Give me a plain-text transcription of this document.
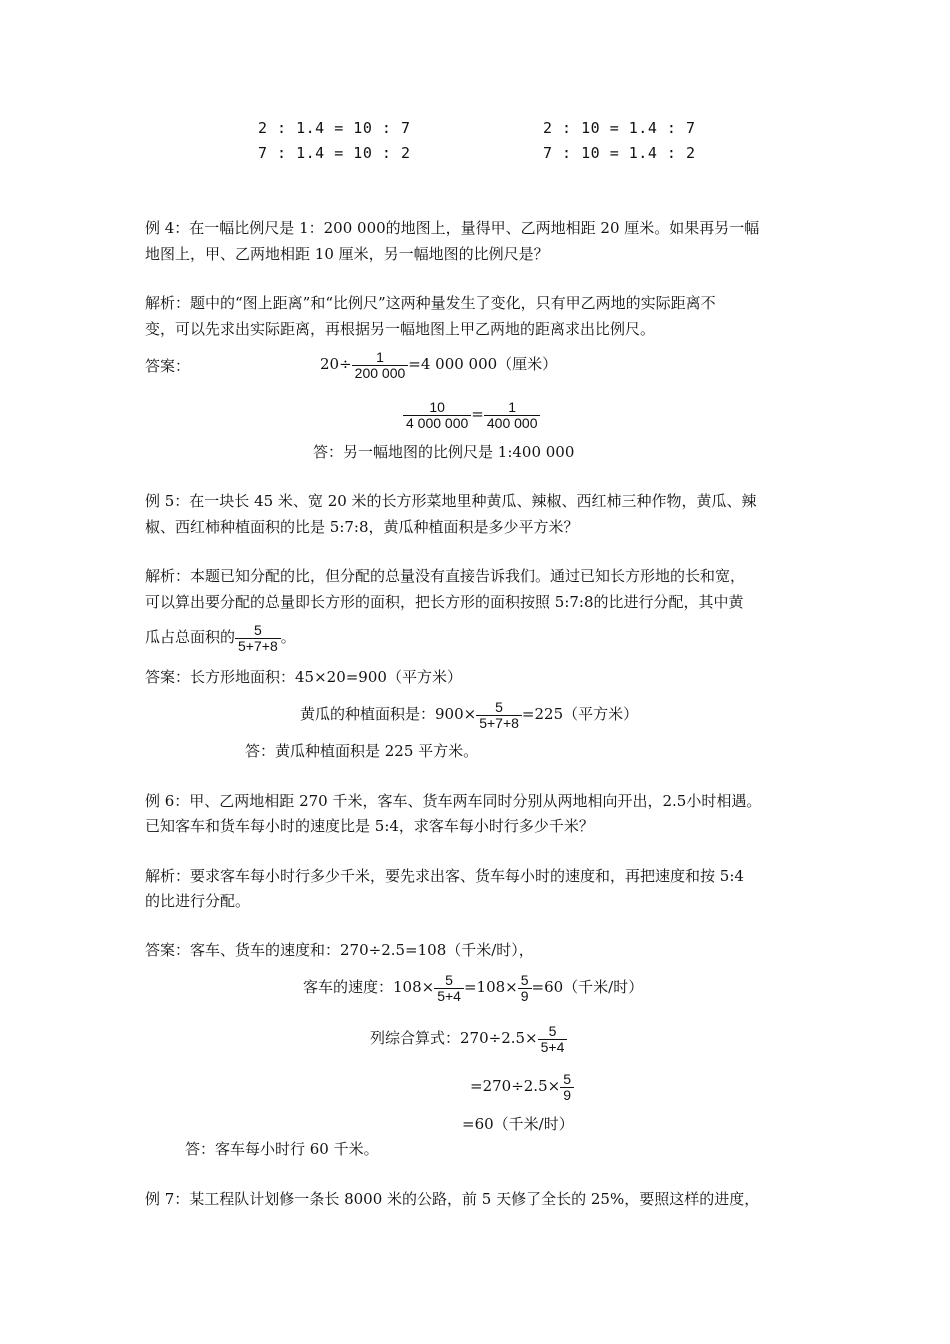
2 : 1.4 = 10 : 7
7 : 1.4 = 10 : 2
2 : 10 = 1.4 : 7
7 : 10 = 1.4 : 2
例 4：在一幅比例尺是 1：200 000的地图上，量得甲、乙两地相距 20 厘米。如果再另一幅
地图上，甲、乙两地相距 10 厘米，另一幅地图的比例尺是？
解析：题中的“图上距离”和“比例尺”这两种量发生了变化，只有甲乙两地的实际距离不
变，可以先求出实际距离，再根据另一幅地图上甲乙两地的距离求出比例尺。
答案：	$20\div \frac{1}{200 000} =4$ 000 000（厘米）
$\frac{10}{4 000 000} = \frac{1}{400 000}$
答：另一幅地图的比例尺是 1:400 000
例 5：在一块长 45 米、宽 20 米的长方形菜地里种黄瓜、辣椒、西红柿三种作物，黄瓜、辣
椒、西红柿种植面积的比是 5:7:8，黄瓜种植面积是多少平方米？
解析：本题已知分配的比，但分配的总量没有直接告诉我们。通过已知长方形地的长和宽，
可以算出要分配的总量即长方形的面积，把长方形的面积按照 5:7:8的比进行分配，其中黄
瓜占总面积的 $\frac{5}{5+7+8}$ 。
答案：长方形地面积：45×20=900（平方米）
黄瓜的种植面积是：$900\times \frac{5}{5+7+8} =225$（平方米）
答：黄瓜种植面积是 225 平方米。
例 6：甲、乙两地相距 270 千米，客车、货车两车同时分别从两地相向开出，2.5小时相遇。
已知客车和货车每小时的速度比是 5:4，求客车每小时行多少千米？
解析：要求客车每小时行多少千米，要先求出客、货车每小时的速度和，再把速度和按 5:4
的比进行分配。
答案：客车、货车的速度和：270÷2.5=108（千米/时），
客车的速度：$108\times \frac{5}{5+4} =108\times \frac{5}{9} =60$（千米/时）
列综合算式：$270\div 2.5\times \frac{5}{5+4}$
$=270\div 2.5\times \frac{5}{9}$
=60（千米/时）
答：客车每小时行 60 千米。
例 7：某工程队计划修一条长 8000 米的公路，前 5 天修了全长的 25%，要照这样的进度，
